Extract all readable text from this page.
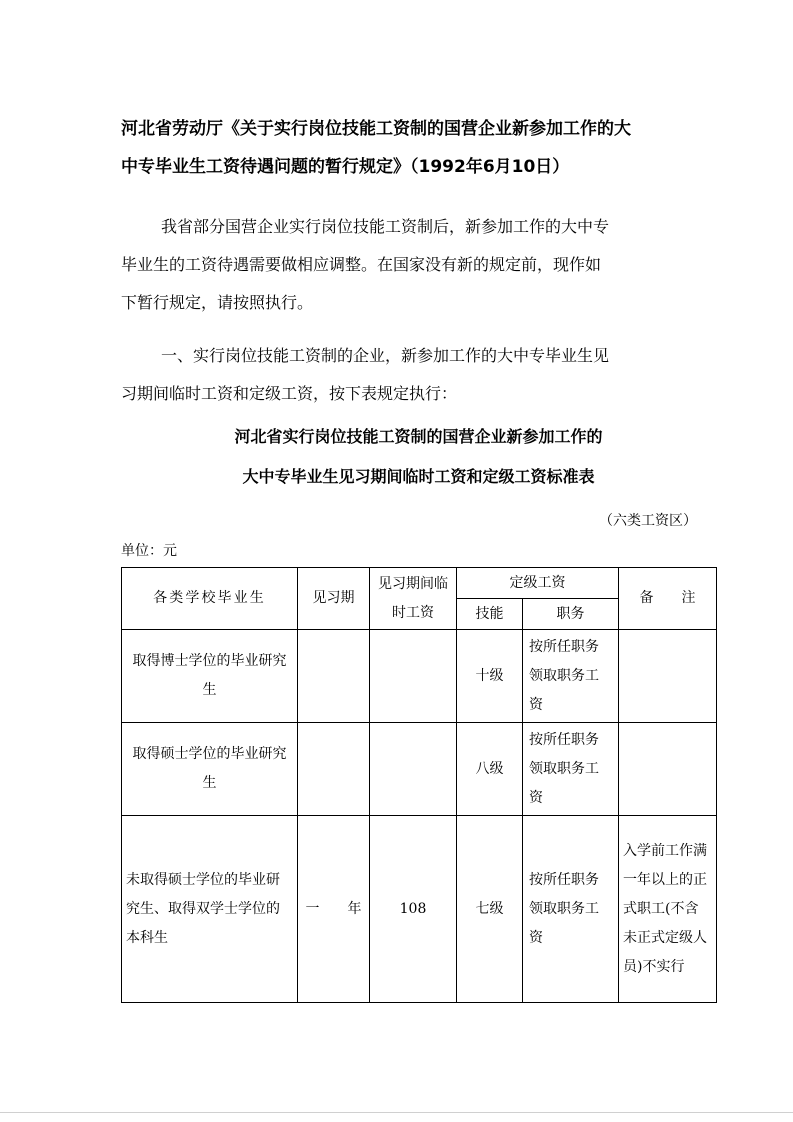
河北省劳动厅《关于实行岗位技能工资制的国营企业新参加工作的大
中专毕业生工资待遇问题的暂行规定》（1992年6月10日）

我省部分国营企业实行岗位技能工资制后，新参加工作的大中专
毕业生的工资待遇需要做相应调整。在国家没有新的规定前，现作如
下暂行规定，请按照执行。

一、实行岗位技能工资制的企业，新参加工作的大中专毕业生见
习期间临时工资和定级工资，按下表规定执行：

河北省实行岗位技能工资制的国营企业新参加工作的
大中专毕业生见习期间临时工资和定级工资标准表
（六类工资区）
单位：元
各类学校毕业生	见习期	见习期间临时工资	定级工资		备　　注
			技能	职务	
取得博士学位的毕业研究生			十级	按所任职务领取职务工资	
取得硕士学位的毕业研究生			八级	按所任职务领取职务工资	
未取得硕士学位的毕业研究生、取得双学士学位的本科生	一　　年	108	七级	按所任职务领取职务工资	入学前工作满一年以上的正式职工(不含未正式定级人员)不实行
